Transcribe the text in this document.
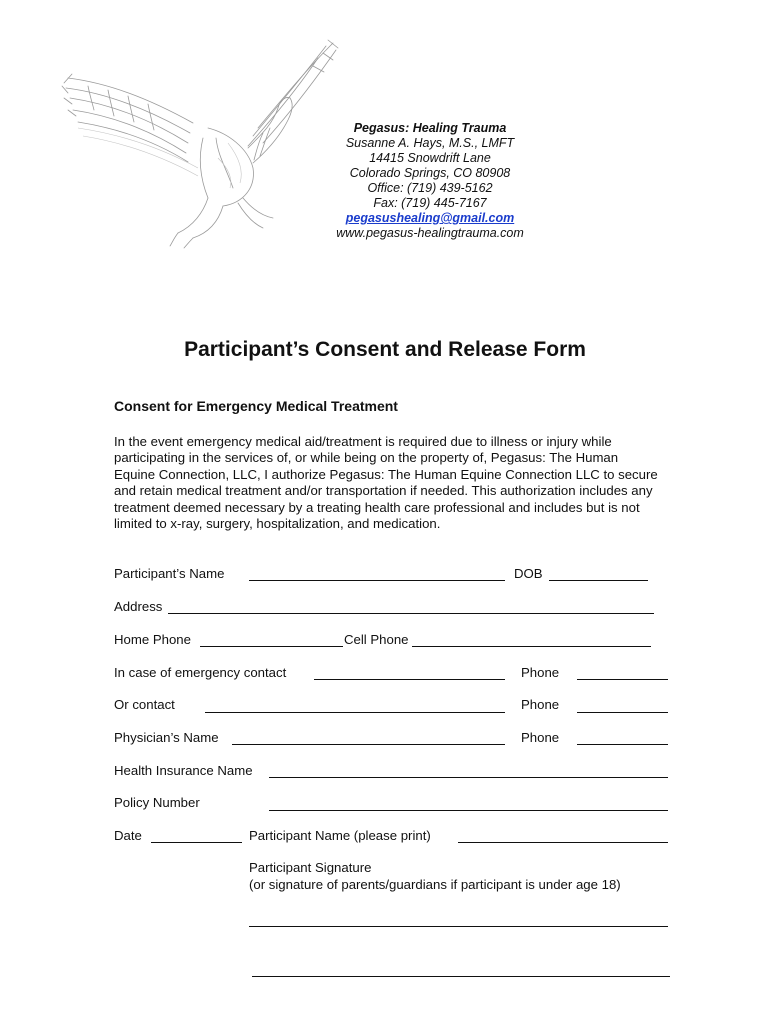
Pegasus: Healing Trauma
Susanne A. Hays, M.S., LMFT
14415 Snowdrift Lane
Colorado Springs, CO 80908
Office: (719) 439-5162
Fax: (719) 445-7167
pegasushealing@gmail.com
www.pegasus-healingtrauma.com
Participant’s Consent and Release Form
Consent for Emergency Medical Treatment
In the event emergency medical aid/treatment is required due to illness or injury while participating in the services of, or while being on the property of, Pegasus: The Human Equine Connection, LLC, I authorize Pegasus: The Human Equine Connection LLC to secure and retain medical treatment and/or transportation if needed. This authorization includes any treatment deemed necessary by a treating health care professional and includes but is not limited to x-ray, surgery, hospitalization, and medication.
Participant’s Name	DOB
Address
Home Phone	Cell Phone
In case of emergency contact	Phone
Or contact	Phone
Physician’s Name	Phone
Health Insurance Name
Policy Number
Date	Participant Name (please print)
Participant Signature
(or signature of parents/guardians if participant is under age 18)
